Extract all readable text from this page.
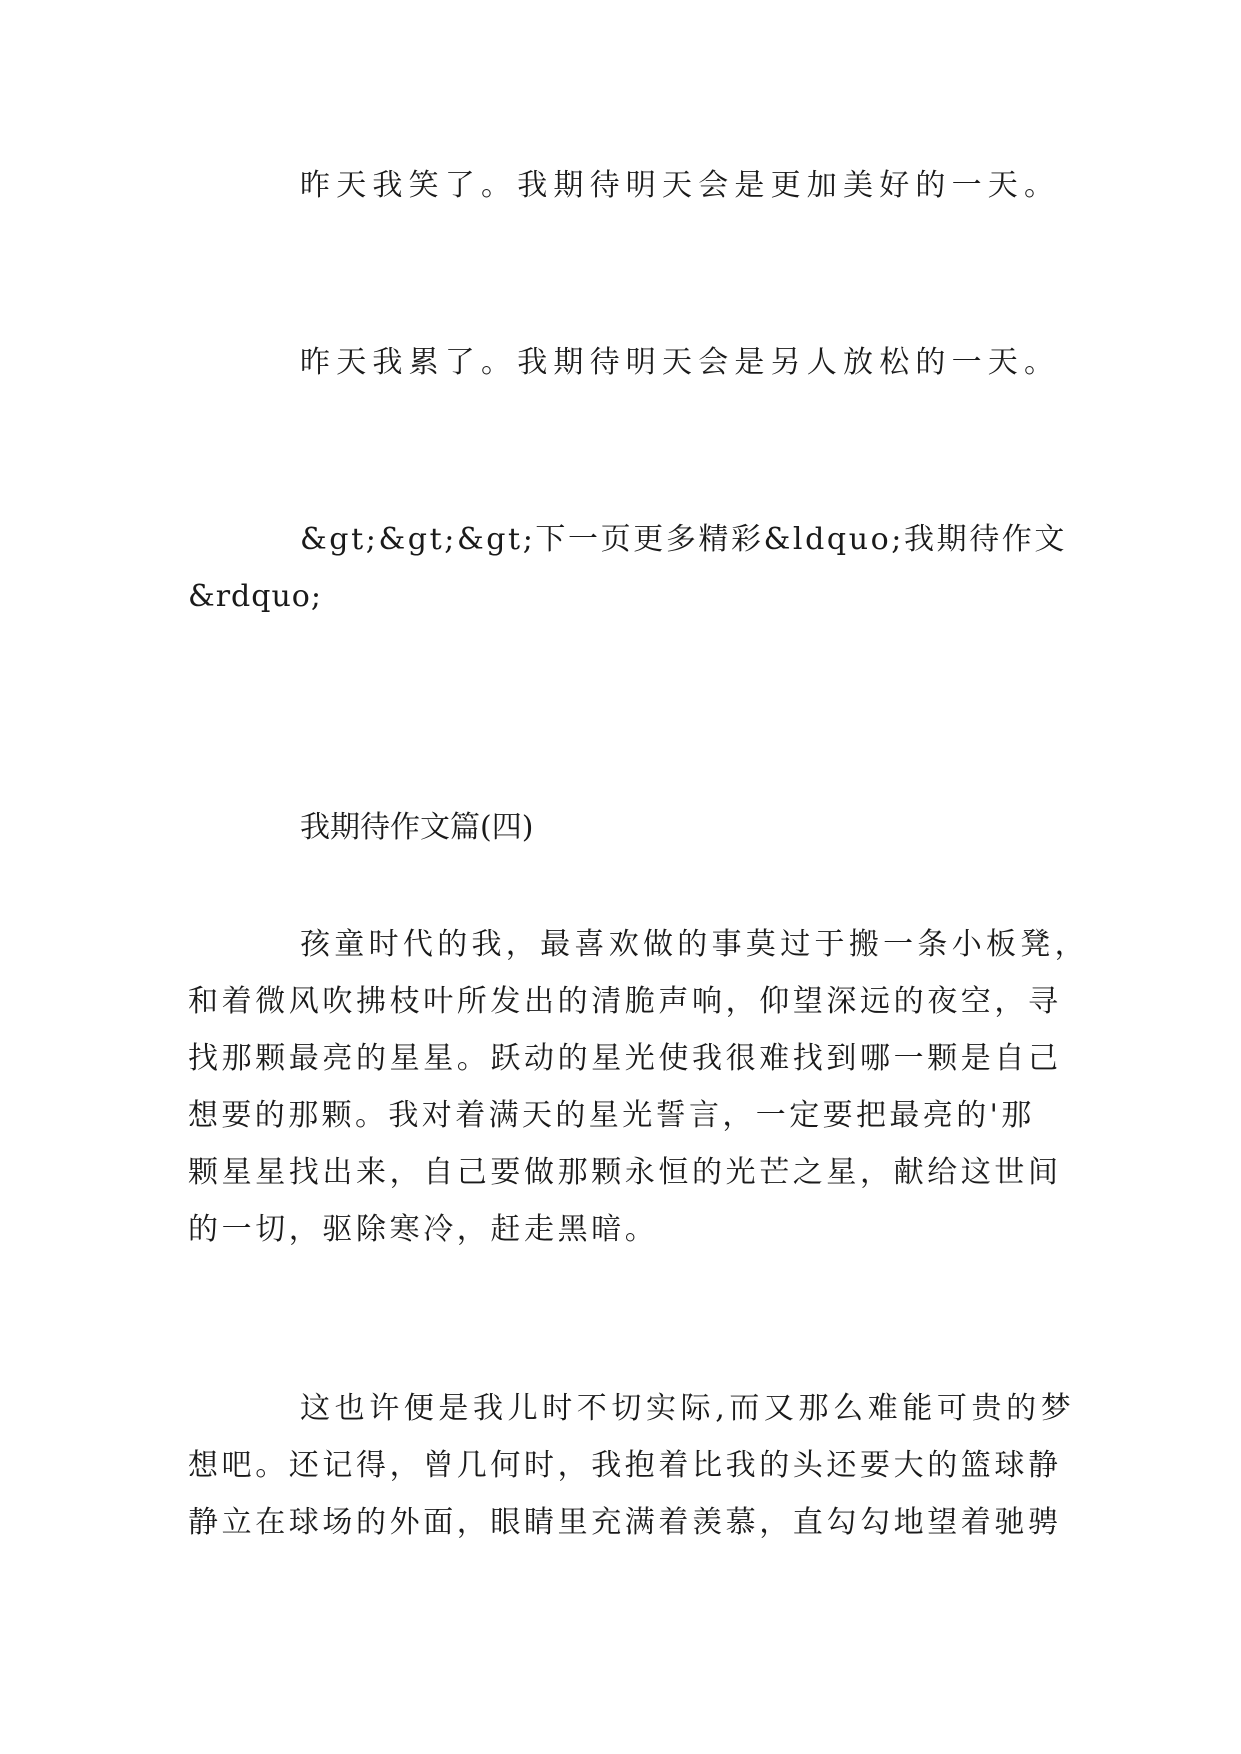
昨天我笑了。我期待明天会是更加美好的一天。
昨天我累了。我期待明天会是另人放松的一天。
&gt;&gt;&gt;下一页更多精彩&ldquo;我期待作文
&rdquo;
我期待作文篇(四)
孩童时代的我，最喜欢做的事莫过于搬一条小板凳，
和着微风吹拂枝叶所发出的清脆声响，仰望深远的夜空，寻
找那颗最亮的星星。跃动的星光使我很难找到哪一颗是自己
想要的那颗。我对着满天的星光誓言，一定要把最亮的'那
颗星星找出来，自己要做那颗永恒的光芒之星，献给这世间
的一切，驱除寒冷，赶走黑暗。
这也许便是我儿时不切实际,而又那么难能可贵的梦
想吧。还记得，曾几何时，我抱着比我的头还要大的篮球静
静立在球场的外面，眼睛里充满着羡慕，直勾勾地望着驰骋
